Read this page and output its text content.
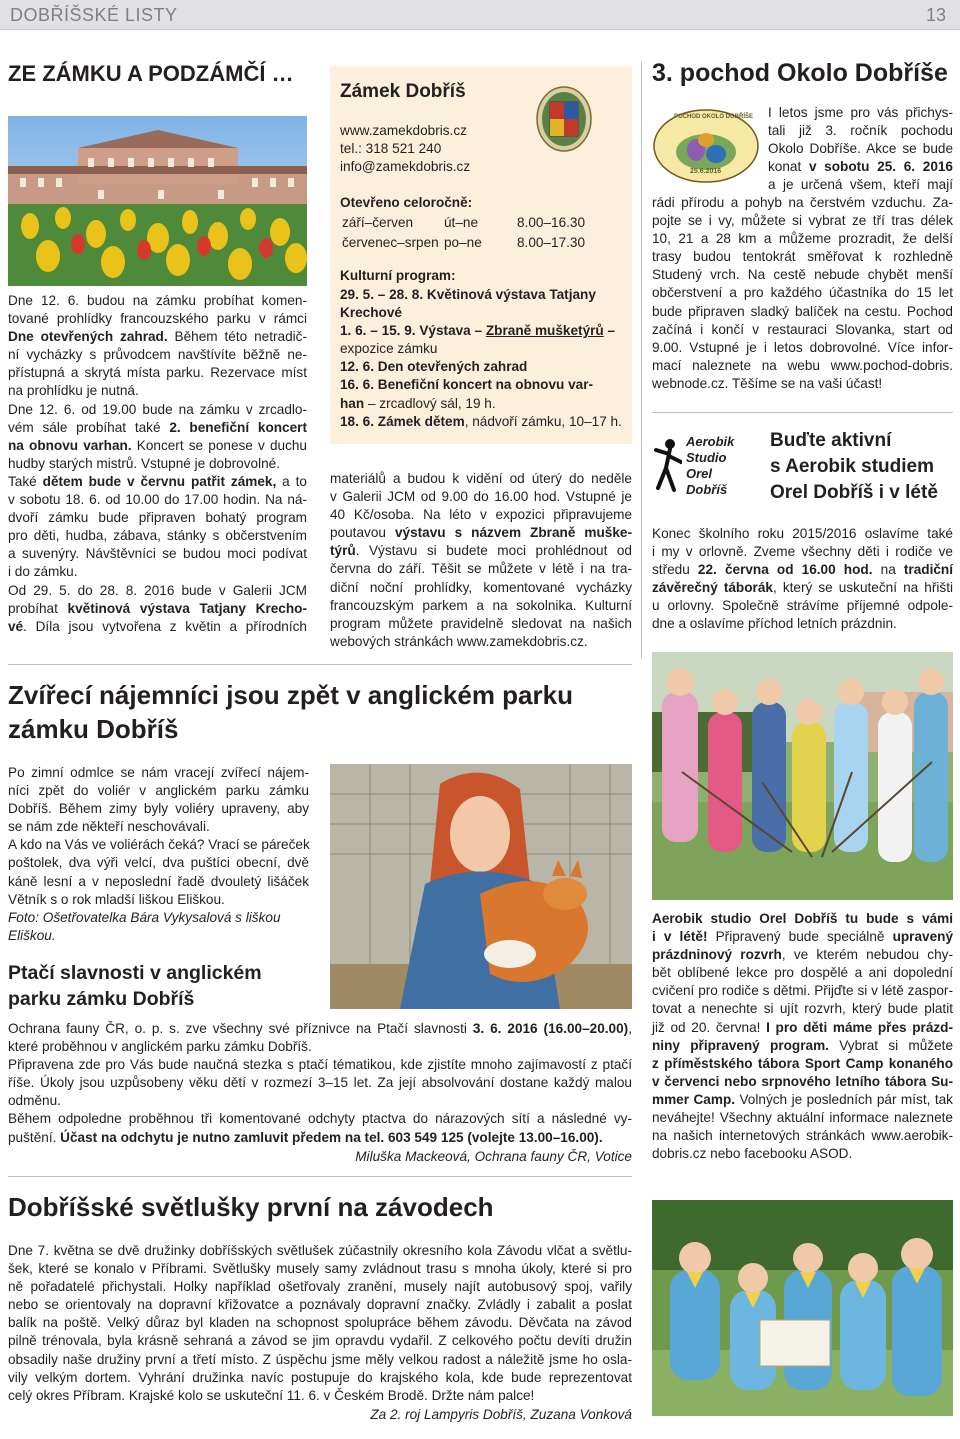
DOBŘÍŠSKÉ LISTY	13
ZE ZÁMKU A PODZÁMČÍ …
Dne 12. 6. budou na zámku probíhat komen-
tované prohlídky francouzského parku v rámci
Dne otevřených zahrad. Během této netradič-
ní vycházky s průvodcem navštívíte běžně ne-
přístupná a skrytá místa parku. Rezervace míst
na prohlídku je nutná.
Dne 12. 6. od 19.00 bude na zámku v zrcadlo-
vém sále probíhat také 2. benefiční koncert
na obnovu varhan. Koncert se ponese v duchu
hudby starých mistrů. Vstupné je dobrovolné.
Také dětem bude v červnu patřit zámek, a to
v sobotu 18. 6. od 10.00 do 17.00 hodin. Na ná-
dvoří zámku bude připraven bohatý program
pro děti, hudba, zábava, stánky s občerstvením
a suvenýry. Návštěvníci se budou moci podívat
i do zámku.
Od 29. 5. do 28. 8. 2016 bude v Galerii JCM
probíhat květinová výstava Tatjany Krecho-
vé. Díla jsou vytvořena z květin a přírodních
Zámek Dobříš
www.zamekdobris.cz
tel.: 318 521 240
info@zamekdobris.cz
Otevřeno celoročně:
září–červen	út–ne	8.00–16.30
červenec–srpen	po–ne	8.00–17.30
Kulturní program:
29. 5. – 28. 8. Květinová výstava Tatjany
Krechové
1. 6. – 15. 9. Výstava – Zbraně mušketýrů –
expozice zámku
12. 6. Den otevřených zahrad
16. 6. Benefiční koncert na obnovu var-
han – zrcadlový sál, 19 h.
18. 6. Zámek dětem, nádvoří zámku, 10–17 h.
materiálů a budou k vidění od úterý do neděle
v Galerii JCM od 9.00 do 16.00 hod. Vstupné je
40 Kč/osoba. Na léto v expozici připravujeme
poutavou výstavu s názvem Zbraně muške-
týrů. Výstavu si budete moci prohlédnout od
června do září. Těšit se můžete v létě i na tra-
diční noční prohlídky, komentované vycházky
francouzským parkem a na sokolnika. Kulturní
program můžete pravidelně sledovat na našich
webových stránkách www.zamekdobris.cz.
3. pochod Okolo Dobříše
POCHOD OKOLO DOBŘÍŠE
25.6.2016
I letos jsme pro vás přichys-
tali již 3. ročník pochodu
Okolo Dobříše. Akce se bude
konat v sobotu 25. 6. 2016
a je určená všem, kteří mají
rádi přírodu a pohyb na čerstvém vzduchu. Za-
pojte se i vy, můžete si vybrat ze tří tras délek
10, 21 a 28 km a můžeme prozradit, že delší
trasy budou tentokrát směřovat k rozhledně
Studený vrch. Na cestě nebude chybět menší
občerstvení a pro každého účastníka do 15 let
bude připraven sladký balíček na cestu. Pochod
začíná i končí v restauraci Slovanka, start od
9.00. Vstupné je i letos dobrovolné. Více infor-
mací naleznete na webu www.pochod-dobris.
webnode.cz. Těšíme se na vaši účast!
Aerobik
Studio
Orel
Dobříš
Buďte aktivní
s Aerobik studiem
Orel Dobříš i v létě
Konec školního roku 2015/2016 oslavíme také
i my v orlovně. Zveme všechny děti i rodiče ve
středu 22. června od 16.00 hod. na tradiční
závěrečný táborák, který se uskuteční na hřišti
u orlovny. Společně strávíme příjemné odpole-
dne a oslavíme příchod letních prázdnin.
Aerobik studio Orel Dobříš tu bude s vámi
i v létě! Připravený bude speciálně upravený
prázdninový rozvrh, ve kterém nebudou chy-
bět oblíbené lekce pro dospělé a ani dopolední
cvičení pro rodiče s dětmi. Přijďte si v létě zaspor-
tovat a nenechte si ujít rozvrh, který bude platit
již od 20. června! I pro děti máme přes prázd-
niny připravený program. Vybrat si můžete
z příměstského tábora Sport Camp konaného
v červenci nebo srpnového letního tábora Su-
mmer Camp. Volných je posledních pár míst, tak
neváhejte! Všechny aktuální informace naleznete
na našich internetových stránkách www.aerobik-
dobris.cz nebo facebooku ASOD.
Zvířecí nájemníci jsou zpět v anglickém parku
zámku Dobříš
Po zimní odmlce se nám vracejí zvířecí nájem-
níci zpět do voliér v anglickém parku zámku
Dobříš. Během zimy byly voliéry upraveny, aby
se nám zde někteří neschovávali.
A kdo na Vás ve voliérách čeká? Vrací se páreček
poštolek, dva výři velcí, dva puštíci obecní, dvě
káně lesní a v neposlední řadě dvouletý lišáček
Větník s o rok mladší liškou Eliškou.
Foto: Ošetřovatelka Bára Vykysalová s liškou
Eliškou.
Ptačí slavnosti v anglickém
parku zámku Dobříš
Ochrana fauny ČR, o. p. s. zve všechny své příznivce na Ptačí slavnosti 3. 6. 2016 (16.00–20.00),
které proběhnou v anglickém parku zámku Dobříš.
Připravena zde pro Vás bude naučná stezka s ptačí tématikou, kde zjistíte mnoho zajímavostí z ptačí
říše. Úkoly jsou uzpůsobeny věku dětí v rozmezí 3–15 let. Za její absolvování dostane každý malou
odměnu.
Během odpoledne proběhnou tři komentované odchyty ptactva do nárazových sítí a následné vy-
puštění. Účast na odchytu je nutno zamluvit předem na tel. 603 549 125 (volejte 13.00–16.00).
Miluška Mackeová, Ochrana fauny ČR, Votice
Dobříšské světlušky první na závodech
Dne 7. května se dvě družinky dobříšských světlušek zúčastnily okresního kola Závodu vlčat a světlu-
šek, které se konalo v Příbrami. Světlušky musely samy zvládnout trasu s mnoha úkoly, které si pro
ně pořadatelé přichystali. Holky například ošetřovaly zranění, musely najít autobusový spoj, vařily
nebo se orientovaly na dopravní křižovatce a poznávaly dopravní značky. Zvládly i zabalit a poslat
balík na poště. Velký důraz byl kladen na schopnost spolupráce během závodu. Děvčata na závod
pilně trénovala, byla krásně sehraná a závod se jim opravdu vydařil. Z celkového počtu devíti družin
obsadily naše družiny první a třetí místo. Z úspěchu jsme měly velkou radost a náležitě jsme ho osla-
vily velkým dortem. Vyhrání družinka navíc postupuje do krajského kola, kde bude reprezentovat
celý okres Příbram. Krajské kolo se uskuteční 11. 6. v Českém Brodě. Držte nám palce!
Za 2. roj Lampyris Dobříš, Zuzana Vonková
